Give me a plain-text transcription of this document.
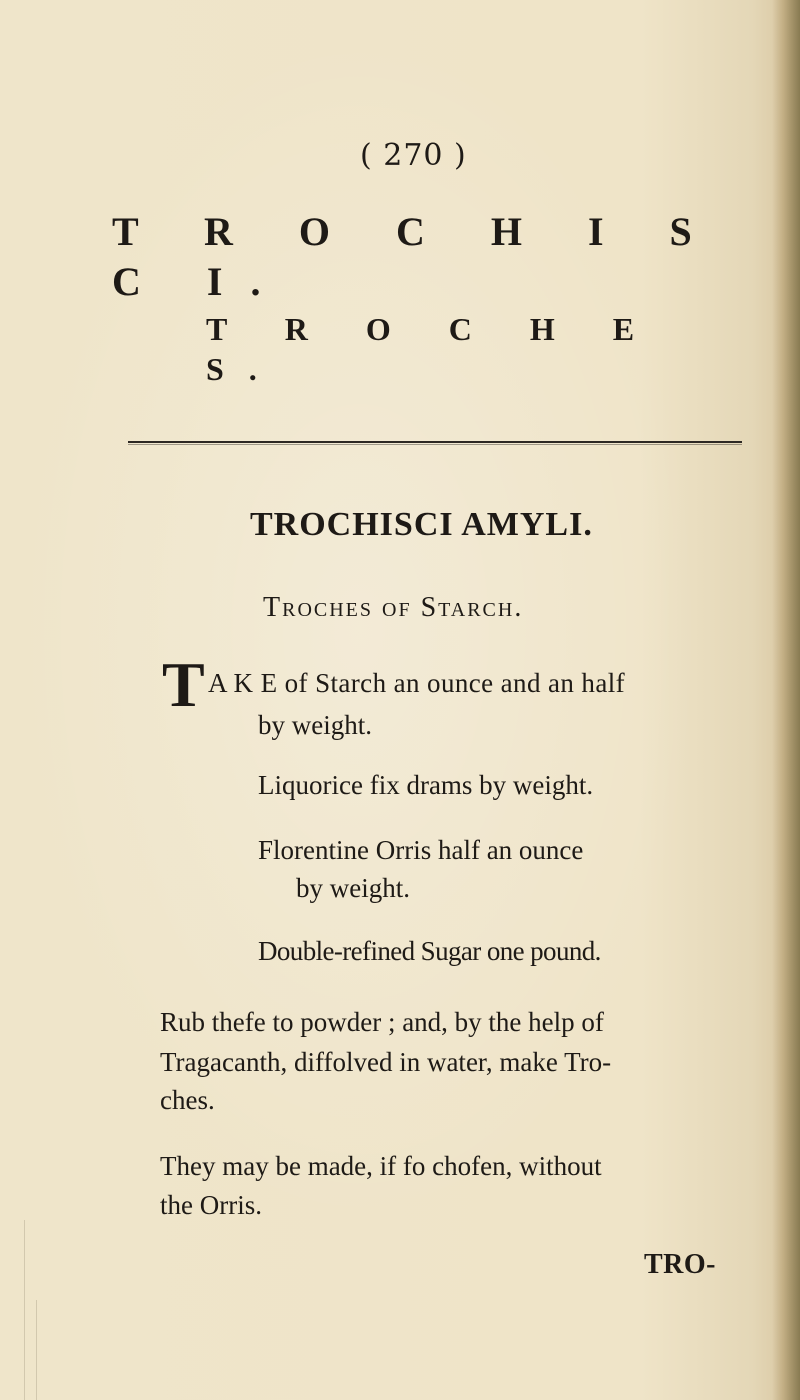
( 270 )
T R O C H I S C I.
T R O C H E S.
TROCHISCI AMYLI.
Troches of Starch.
T A K E of Starch an ounce and an half
by weight.
Liquorice fix drams by weight.
Florentine Orris half an ounce
by weight.
Double-refined Sugar one pound.
Rub thefe to powder ; and, by the help of
Tragacanth, diffolved in water, make Tro-
ches.
They may be made, if fo chofen, without
the Orris.
TRO-
